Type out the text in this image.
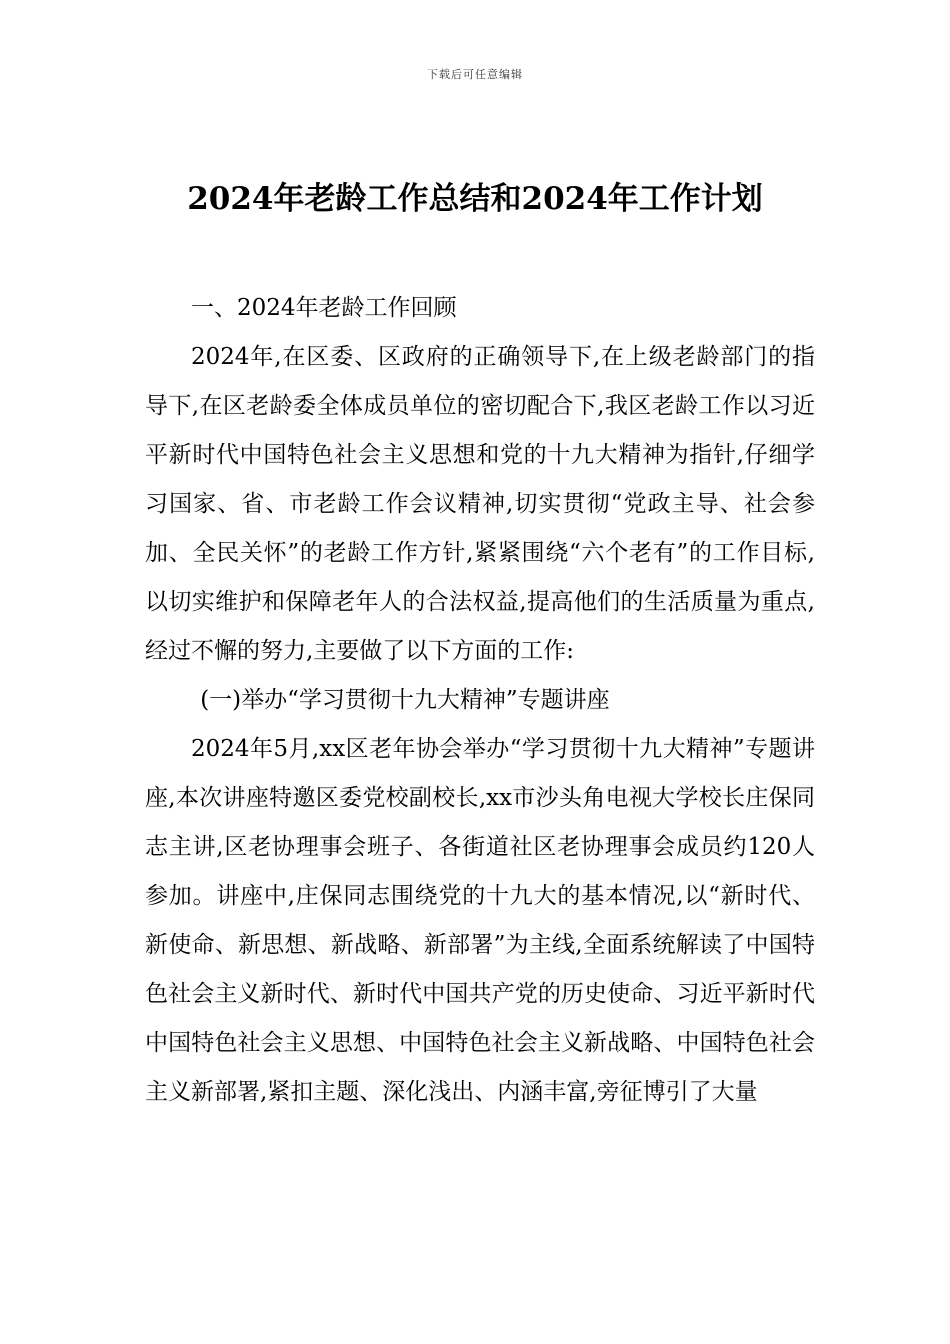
下载后可任意编辑
2024年老龄工作总结和2024年工作计划

一、2024年老龄工作回顾

2024年,在区委、区政府的正确领导下,在上级老龄部门的指导下,在区老龄委全体成员单位的密切配合下,我区老龄工作以习近平新时代中国特色社会主义思想和党的十九大精神为指针,仔细学习国家、省、市老龄工作会议精神,切实贯彻“党政主导、社会参加、全民关怀”的老龄工作方针,紧紧围绕“六个老有”的工作目标,以切实维护和保障老年人的合法权益,提高他们的生活质量为重点,经过不懈的努力,主要做了以下方面的工作:

(一)举办“学习贯彻十九大精神”专题讲座

2024年5月,xx区老年协会举办“学习贯彻十九大精神”专题讲座,本次讲座特邀区委党校副校长,xx市沙头角电视大学校长庄保同志主讲,区老协理事会班子、各街道社区老协理事会成员约120人参加。讲座中,庄保同志围绕党的十九大的基本情况,以“新时代、新使命、新思想、新战略、新部署”为主线,全面系统解读了中国特色社会主义新时代、新时代中国共产党的历史使命、习近平新时代中国特色社会主义思想、中国特色社会主义新战略、中国特色社会主义新部署,紧扣主题、深化浅出、内涵丰富,旁征博引了大量
